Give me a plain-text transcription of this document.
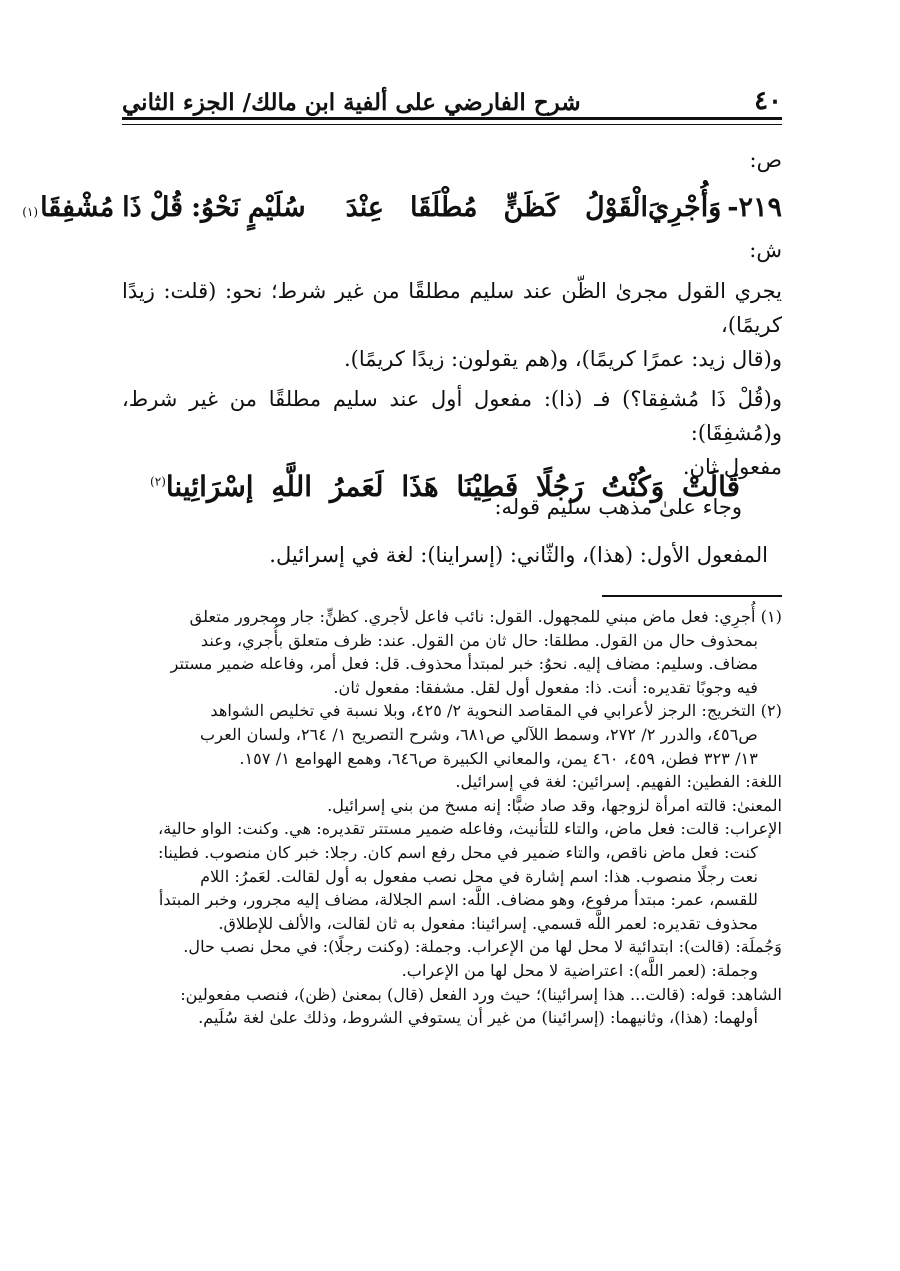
٤٠
شرح الفارضي على ألفية ابن مالك/ الجزء الثاني
ص:
٢١٩-
وَأُجْرِيَ
الْقَوْلُ
كَظَنٍّ
مُطْلَقَا
عِنْدَ
سُلَيْمٍ
نَحْوُ:
قُلْ
ذَا
مُشْفِقَا
(١)
ش:

يجري القول مجرىٰ الظّن عند سليم مطلقًا من غير شرط؛ نحو: (قلت: زيدًا كريمًا)،

و(قال زيد: عمرًا كريمًا)، و(هم يقولون: زيدًا كريمًا).

و(قُلْ ذَا مُشفِقا؟) فـ (ذا): مفعول أول عند سليم مطلقًا من غير شرط، و(مُشفِقَا):

مفعول ثان.

وجاء علىٰ مذهب سليم قوله:

قَالَتْ
وَكُنْتُ
رَجُلًا
فَطِيْنَا
هَذَا
لَعَمرُ
اللَّهِ
إسْرَائِينا$^{(٢)}$
المفعول الأول: (هذا)، والثّاني: (إسراينا): لغة في إسرائيل.

(١) أُجرِي: فعل ماض مبني للمجهول. القول: نائب فاعل لأجري. كظنٍّ: جار ومجرور متعلق

بمحذوف حال من القول. مطلقا: حال ثان من القول. عند: ظرف متعلق بأُجري، وعند

مضاف. وسليم: مضاف إليه. نحوُ: خبر لمبتدأ محذوف. قل: فعل أمر، وفاعله ضمير مستتر

فيه وجوبًا تقديره: أنت. ذا: مفعول أول لقل. مشفقا: مفعول ثان.

(٢) التخريج: الرجز لأعرابي في المقاصد النحوية ٢/ ٤٢٥، وبلا نسبة في تخليص الشواهد

ص٤٥٦، والدرر ٢/ ٢٧٢، وسمط اللآلي ص٦٨١، وشرح التصريح ١/ ٢٦٤، ولسان العرب

١٣/ ٣٢٣ فطن، ٤٥٩، ٤٦٠ يمن، والمعاني الكبيرة ص٦٤٦، وهمع الهوامع ١/ ١٥٧.

اللغة: الفطين: الفهيم. إسرائين: لغة في إسرائيل.

المعنىٰ: قالته امرأة لزوجها، وقد صاد ضبًّا: إنه مسخ من بني إسرائيل.

الإعراب: قالت: فعل ماض، والتاء للتأنيث، وفاعله ضمير مستتر تقديره: هي. وكنت: الواو حالية،

كنت: فعل ماض ناقص، والتاء ضمير في محل رفع اسم كان. رجلا: خبر كان منصوب. فطينا:

نعت رجلًا منصوب. هذا: اسم إشارة في محل نصب مفعول به أول لقالت. لعَمرُ: اللام

للقسم، عمر: مبتدأ مرفوع، وهو مضاف. اللَّه: اسم الجلالة، مضاف إليه مجرور، وخبر المبتدأ

محذوف تقديره: لعمر اللَّه قسمي. إسرائينا: مفعول به ثان لقالت، والألف للإطلاق.

وَجُملَة: (قالت): ابتدائية لا محل لها من الإعراب. وجملة: (وكنت رجلًا): في محل نصب حال.

وجملة: (لعمر اللَّه): اعتراضية لا محل لها من الإعراب.

الشاهد: قوله: (قالت... هذا إسرائينا)؛ حيث ورد الفعل (قال) بمعنىٰ (ظن)، فنصب مفعولين:

أولهما: (هذا)، وثانيهما: (إسرائينا) من غير أن يستوفي الشروط، وذلك علىٰ لغة سُلَيم.
